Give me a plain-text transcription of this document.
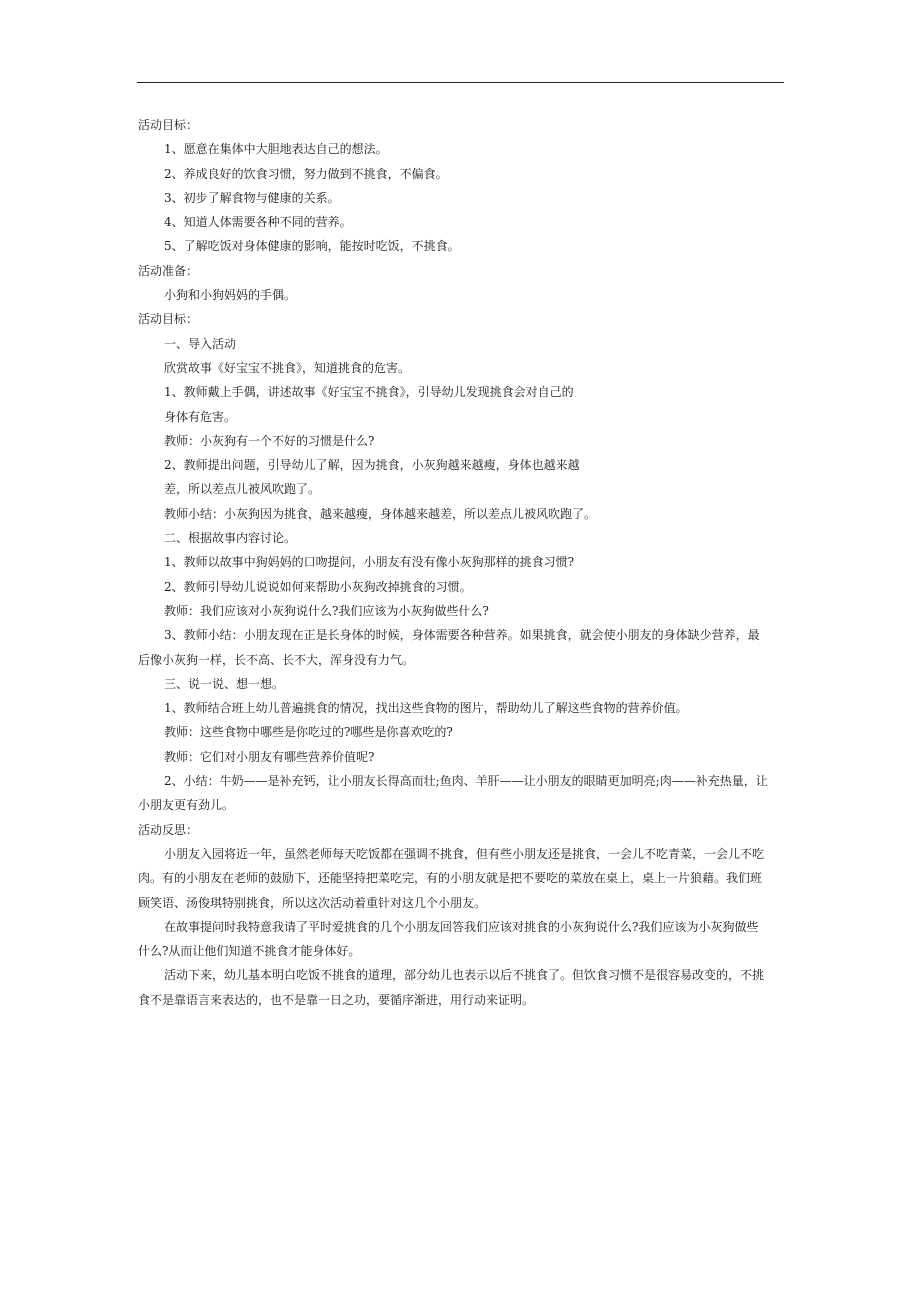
活动目标：
1、愿意在集体中大胆地表达自己的想法。
2、养成良好的饮食习惯，努力做到不挑食，不偏食。
3、初步了解食物与健康的关系。
4、知道人体需要各种不同的营养。
5、了解吃饭对身体健康的影响，能按时吃饭，不挑食。
活动准备：
小狗和小狗妈妈的手偶。
活动目标：
一、导入活动
欣赏故事《好宝宝不挑食》，知道挑食的危害。
1、教师戴上手偶，讲述故事《好宝宝不挑食》，引导幼儿发现挑食会对自己的
身体有危害。
教师：小灰狗有一个不好的习惯是什么?
2、教师提出问题，引导幼儿了解，因为挑食，小灰狗越来越瘦，身体也越来越
差，所以差点儿被风吹跑了。
教师小结：小灰狗因为挑食，越来越瘦，身体越来越差，所以差点儿被风吹跑了。
二、根据故事内容讨论。
1、教师以故事中狗妈妈的口吻提问，小朋友有没有像小灰狗那样的挑食习惯?
2、教师引导幼儿说说如何来帮助小灰狗改掉挑食的习惯。
教师：我们应该对小灰狗说什么?我们应该为小灰狗做些什么?
3、教师小结：小朋友现在正是长身体的时候，身体需要各种营养。如果挑食，就会使小朋友的身体缺少营养，最
后像小灰狗一样，长不高、长不大，浑身没有力气。
三、说一说、想一想。
1、教师结合班上幼儿普遍挑食的情况，找出这些食物的图片，帮助幼儿了解这些食物的营养价值。
教师：这些食物中哪些是你吃过的?哪些是你喜欢吃的?
教师：它们对小朋友有哪些营养价值呢?
2、小结：牛奶——是补充钙，让小朋友长得高而壮;鱼肉、羊肝——让小朋友的眼睛更加明亮;肉——补充热量，让
小朋友更有劲儿。
活动反思：
小朋友入园将近一年，虽然老师每天吃饭都在强调不挑食，但有些小朋友还是挑食，一会儿不吃青菜，一会儿不吃
肉。有的小朋友在老师的鼓励下，还能坚持把菜吃完，有的小朋友就是把不要吃的菜放在桌上，桌上一片狼藉。我们班
顾笑语、汤俊琪特别挑食，所以这次活动着重针对这几个小朋友。
在故事提问时我特意我请了平时爱挑食的几个小朋友回答我们应该对挑食的小灰狗说什么?我们应该为小灰狗做些
什么?从而让他们知道不挑食才能身体好。
活动下来，幼儿基本明白吃饭不挑食的道理，部分幼儿也表示以后不挑食了。但饮食习惯不是很容易改变的，不挑
食不是靠语言来表达的，也不是靠一日之功，要循序渐进，用行动来证明。
